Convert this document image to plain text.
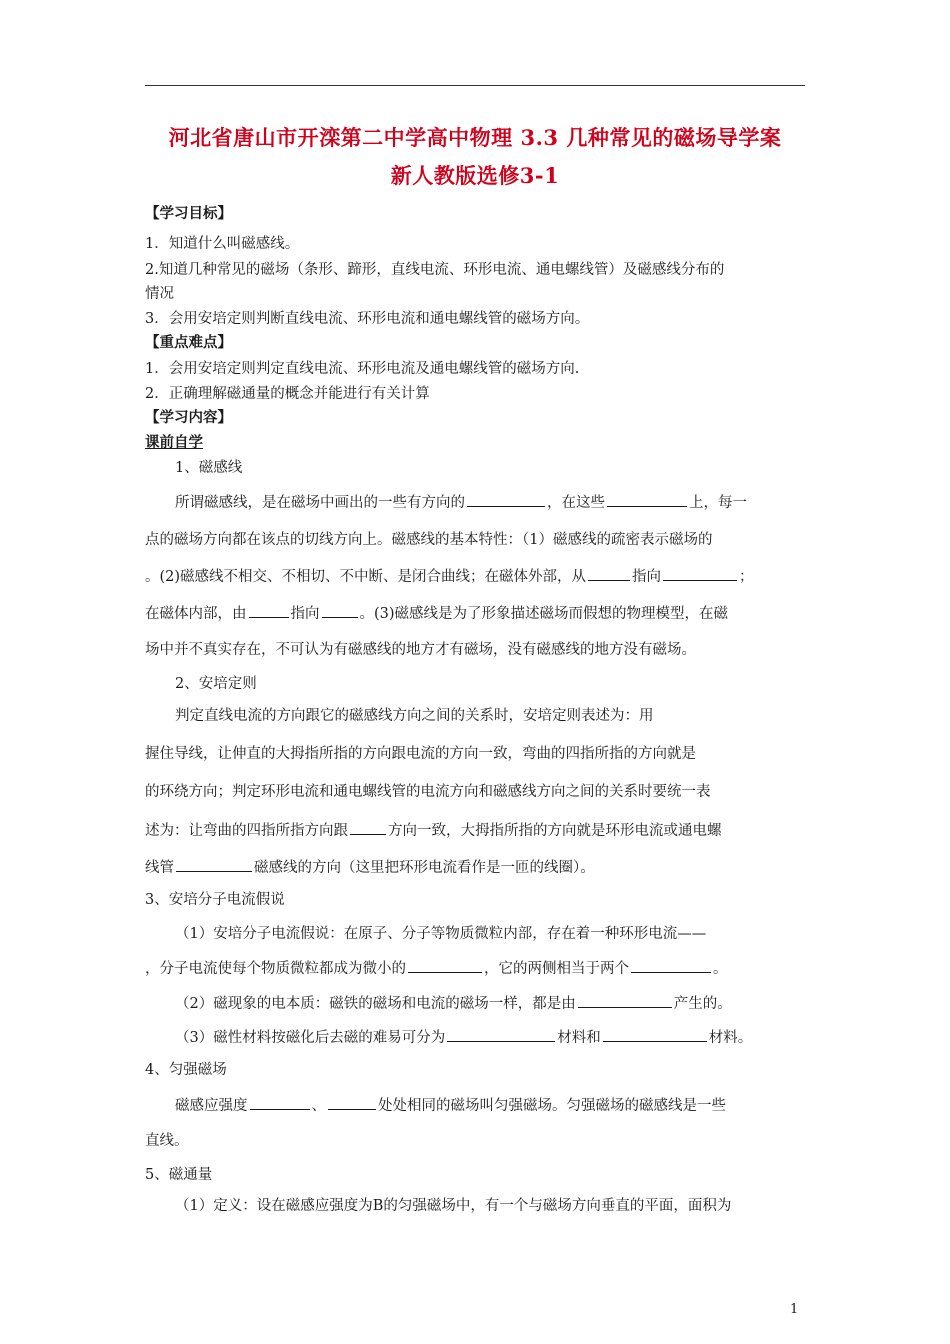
河北省唐山市开滦第二中学高中物理 3.3 几种常见的磁场导学案
新人教版选修3-1
【学习目标】
1．知道什么叫磁感线。
2.知道几种常见的磁场（条形、蹄形，直线电流、环形电流、通电螺线管）及磁感线分布的
情况
3．会用安培定则判断直线电流、环形电流和通电螺线管的磁场方向。
【重点难点】
1．会用安培定则判定直线电流、环形电流及通电螺线管的磁场方向.
2．正确理解磁通量的概念并能进行有关计算
【学习内容】
课前自学
1、磁感线
所谓磁感线，是在磁场中画出的一些有方向的	，在这些	上，每一
点的磁场方向都在该点的切线方向上。磁感线的基本特性：（1）磁感线的疏密表示磁场的
。(2)磁感线不相交、不相切、不中断、是闭合曲线；在磁体外部，从	指向	；
在磁体内部，由	指向	。(3)磁感线是为了形象描述磁场而假想的物理模型，在磁
场中并不真实存在，不可认为有磁感线的地方才有磁场，没有磁感线的地方没有磁场。
2、安培定则
判定直线电流的方向跟它的磁感线方向之间的关系时，安培定则表述为：用
握住导线，让伸直的大拇指所指的方向跟电流的方向一致，弯曲的四指所指的方向就是
的环绕方向；判定环形电流和通电螺线管的电流方向和磁感线方向之间的关系时要统一表
述为：让弯曲的四指所指方向跟	方向一致，大拇指所指的方向就是环形电流或通电螺
线管	磁感线的方向（这里把环形电流看作是一匝的线圈）。
3、安培分子电流假说
（1）安培分子电流假说：在原子、分子等物质微粒内部，存在着一种环形电流——
，分子电流使每个物质微粒都成为微小的	，它的两侧相当于两个	。
（2）磁现象的电本质：磁铁的磁场和电流的磁场一样，都是由	产生的。
（3）磁性材料按磁化后去磁的难易可分为	材料和	材料。
4、匀强磁场
磁感应强度	、	处处相同的磁场叫匀强磁场。匀强磁场的磁感线是一些
直线。
5、磁通量
（1）定义：设在磁感应强度为B的匀强磁场中，有一个与磁场方向垂直的平面，面积为
1
